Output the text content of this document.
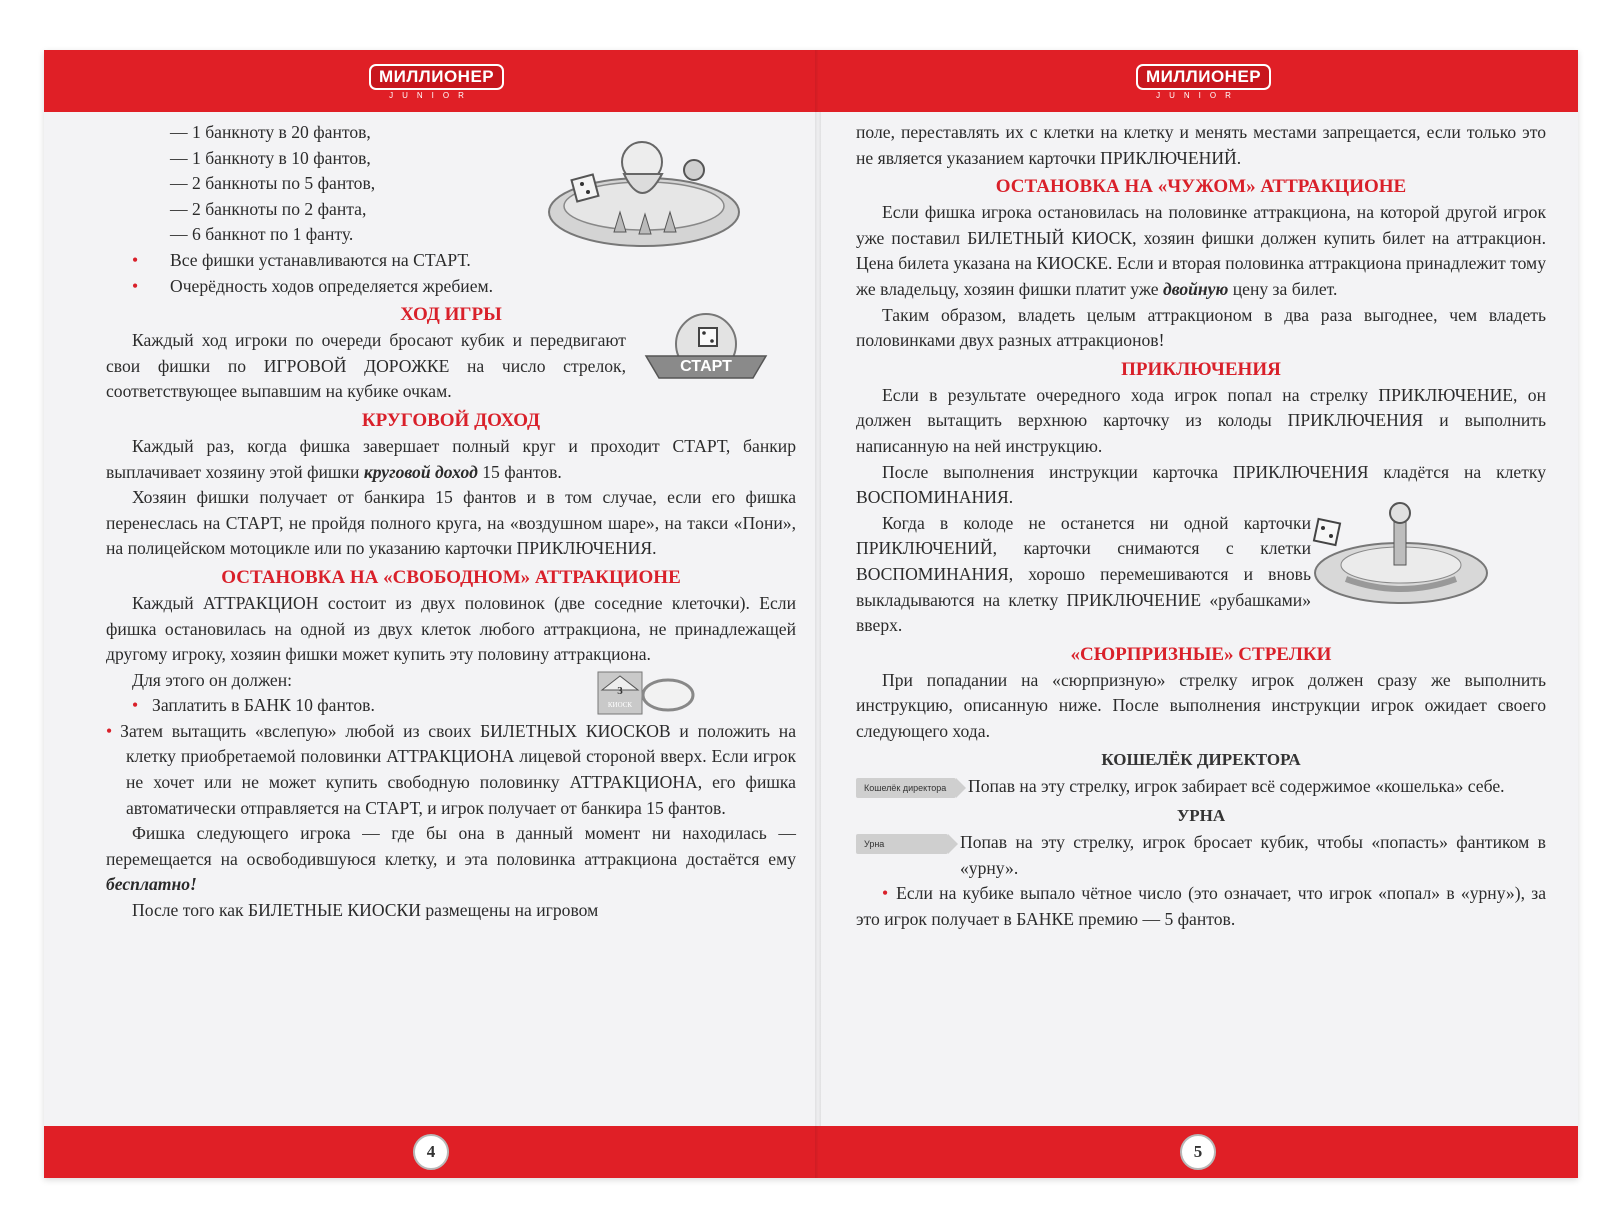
МИЛЛИОНЕР
JUNIOR

— 1 банкноту в 20 фантов,

— 1 банкноту в 10 фантов,

— 2 банкноты по 5 фантов,

— 2 банкноты по 2 фанта,

— 6 банкнот по 1 фанту.

• Все фишки устанавливаются на СТАРТ.

• Очерёдность ходов определяется жребием.

ХОД ИГРЫ

Каждый ход игроки по очереди бросают кубик и передвигают свои фишки по ИГРОВОЙ ДОРОЖКЕ на число стрелок, соответствующее выпавшим на кубике очкам.

СТАРТ
КРУГОВОЙ ДОХОД

Каждый раз, когда фишка завершает полный круг и проходит СТАРТ, банкир выплачивает хозяину этой фишки круговой доход 15 фантов.

Хозяин фишки получает от банкира 15 фантов и в том случае, если его фишка перенеслась на СТАРТ, не пройдя полного круга, на «воздушном шаре», на такси «Пони», на полицейском мотоцикле или по указанию карточки ПРИКЛЮЧЕНИЯ.

ОСТАНОВКА НА «СВОБОДНОМ» АТТРАКЦИОНЕ

Каждый АТТРАКЦИОН состоит из двух половинок (две соседние клеточки). Если фишка остановилась на одной из двух клеток любого аттракциона, не принадлежащей другому игроку, хозяин фишки может купить эту половину аттракциона.

Для этого он должен:

3
КИОСК

• Заплатить в БАНК 10 фантов.

• Затем вытащить «вслепую» любой из своих БИЛЕТНЫХ КИОСКОВ и положить на клетку приобретаемой половинки АТТРАКЦИОНА лицевой стороной вверх. Если игрок не хочет или не может купить свободную половинку АТТРАКЦИОНА, его фишка автоматически отправляется на СТАРТ, и игрок получает от банкира 15 фантов.

Фишка следующего игрока — где бы она в данный момент ни находилась — перемещается на освободившуюся клетку, и эта половинка аттракциона достаётся ему бесплатно!

После того как БИЛЕТНЫЕ КИОСКИ размещены на игровом

4
МИЛЛИОНЕР
JUNIOR

поле, переставлять их с клетки на клетку и менять местами запрещается, если только это не является указанием карточки ПРИКЛЮЧЕНИЙ.

ОСТАНОВКА НА «ЧУЖОМ» АТТРАКЦИОНЕ

Если фишка игрока остановилась на половинке аттракциона, на которой другой игрок уже поставил БИЛЕТНЫЙ КИОСК, хозяин фишки должен купить билет на аттракцион. Цена билета указана на КИОСКЕ. Если и вторая половинка аттракциона принадлежит тому же владельцу, хозяин фишки платит уже двойную цену за билет.

Таким образом, владеть целым аттракционом в два раза выгоднее, чем владеть половинками двух разных аттракционов!

ПРИКЛЮЧЕНИЯ

Если в результате очередного хода игрок попал на стрелку ПРИКЛЮЧЕНИЕ, он должен вытащить верхнюю карточку из колоды ПРИКЛЮЧЕНИЯ и выполнить написанную на ней инструкцию.

После выполнения инструкции карточка ПРИКЛЮЧЕНИЯ кладётся на клетку ВОСПОМИНАНИЯ.

Когда в колоде не останется ни одной карточки ПРИКЛЮЧЕНИЙ, карточки снимаются с клетки ВОСПОМИНАНИЯ, хорошо перемешиваются и вновь выкладываются на клетку ПРИКЛЮЧЕНИЕ «рубашками» вверх.

«СЮРПРИЗНЫЕ» СТРЕЛКИ

При попадании на «сюрпризную» стрелку игрок должен сразу же выполнить инструкцию, описанную ниже. После выполнения инструкции игрок ожидает своего следующего хода.

КОШЕЛЁК ДИРЕКТОРА
Кошелёк директора	Попав на эту стрелку, игрок забирает всё содержимое «кошелька» себе.

УРНА
Урна	Попав на эту стрелку, игрок бросает кубик, чтобы «попасть» фантиком в «урну».

• Если на кубике выпало чётное число (это означает, что игрок «попал» в «урну»), за это игрок получает в БАНКЕ премию — 5 фантов.

5
